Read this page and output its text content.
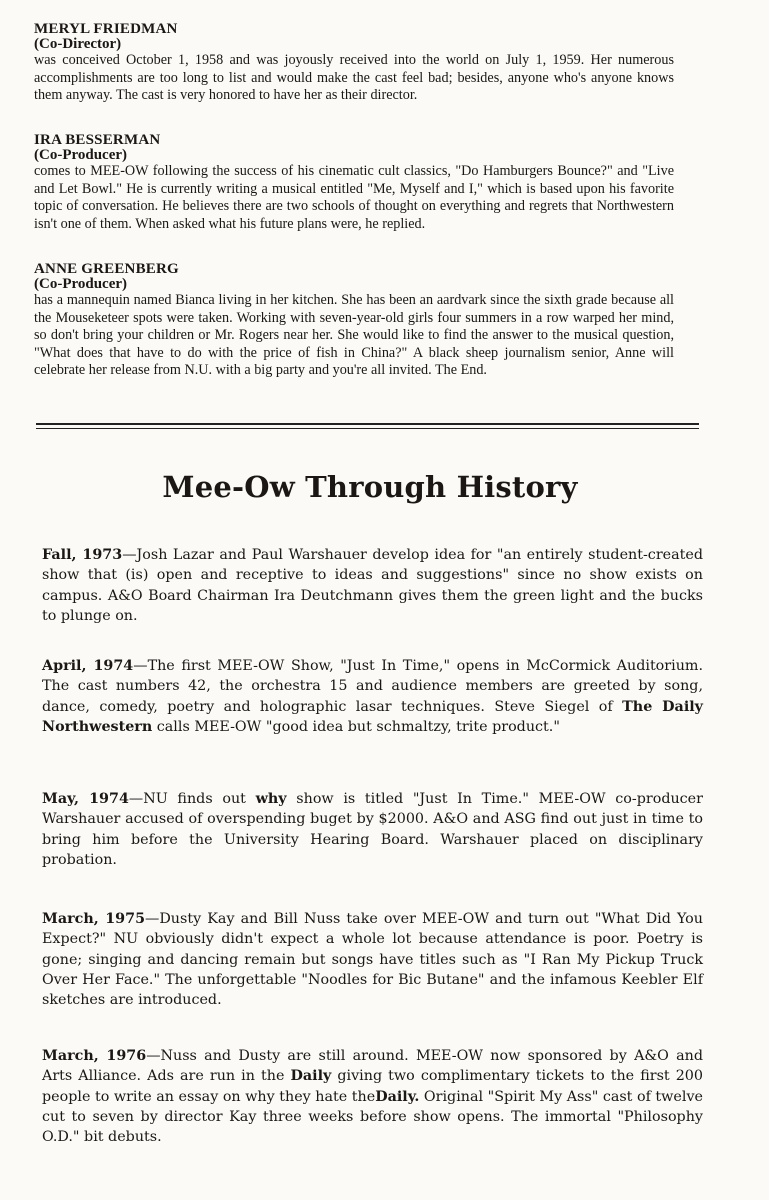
MERYL FRIEDMAN

(Co-Director)

was conceived October 1, 1958 and was joyously received into the world on July 1, 1959. Her numerous accomplishments are too long to list and would make the cast feel bad; besides, anyone who's anyone knows them anyway. The cast is very honored to have her as their director.

IRA BESSERMAN

(Co-Producer)

comes to MEE-OW following the success of his cinematic cult classics, "Do Hamburgers Bounce?" and "Live and Let Bowl." He is currently writing a musical entitled "Me, Myself and I," which is based upon his favorite topic of conversation. He believes there are two schools of thought on everything and regrets that Northwestern isn't one of them. When asked what his future plans were, he replied.

ANNE GREENBERG

(Co-Producer)

has a mannequin named Bianca living in her kitchen. She has been an aardvark since the sixth grade because all the Mouseketeer spots were taken. Working with seven-year-old girls four summers in a row warped her mind, so don't bring your children or Mr. Rogers near her. She would like to find the answer to the musical question, "What does that have to do with the price of fish in China?" A black sheep journalism senior, Anne will celebrate her release from N.U. with a big party and you're all invited. The End.

Mee-Ow Through History

Fall, 1973—Josh Lazar and Paul Warshauer develop idea for "an entirely student-created show that (is) open and receptive to ideas and suggestions" since no show exists on campus. A&O Board Chairman Ira Deutchmann gives them the green light and the bucks to plunge on.

April, 1974—The first MEE-OW Show, "Just In Time," opens in McCormick Auditorium. The cast numbers 42, the orchestra 15 and audience members are greeted by song, dance, comedy, poetry and holographic lasar techniques. Steve Siegel of The Daily Northwestern calls MEE-OW "good idea but schmaltzy, trite product."

May, 1974—NU finds out why show is titled "Just In Time." MEE-OW co-producer Warshauer accused of overspending buget by $2000. A&O and ASG find out just in time to bring him before the University Hearing Board. Warshauer placed on disciplinary probation.

March, 1975—Dusty Kay and Bill Nuss take over MEE-OW and turn out "What Did You Expect?" NU obviously didn't expect a whole lot because attendance is poor. Poetry is gone; singing and dancing remain but songs have titles such as "I Ran My Pickup Truck Over Her Face." The unforgettable "Noodles for Bic Butane" and the infamous Keebler Elf sketches are introduced.

March, 1976—Nuss and Dusty are still around. MEE-OW now sponsored by A&O and Arts Alliance. Ads are run in the Daily giving two complimentary tickets to the first 200 people to write an essay on why they hate theDaily. Original "Spirit My Ass" cast of twelve cut to seven by director Kay three weeks before show opens. The immortal "Philosophy O.D." bit debuts.
